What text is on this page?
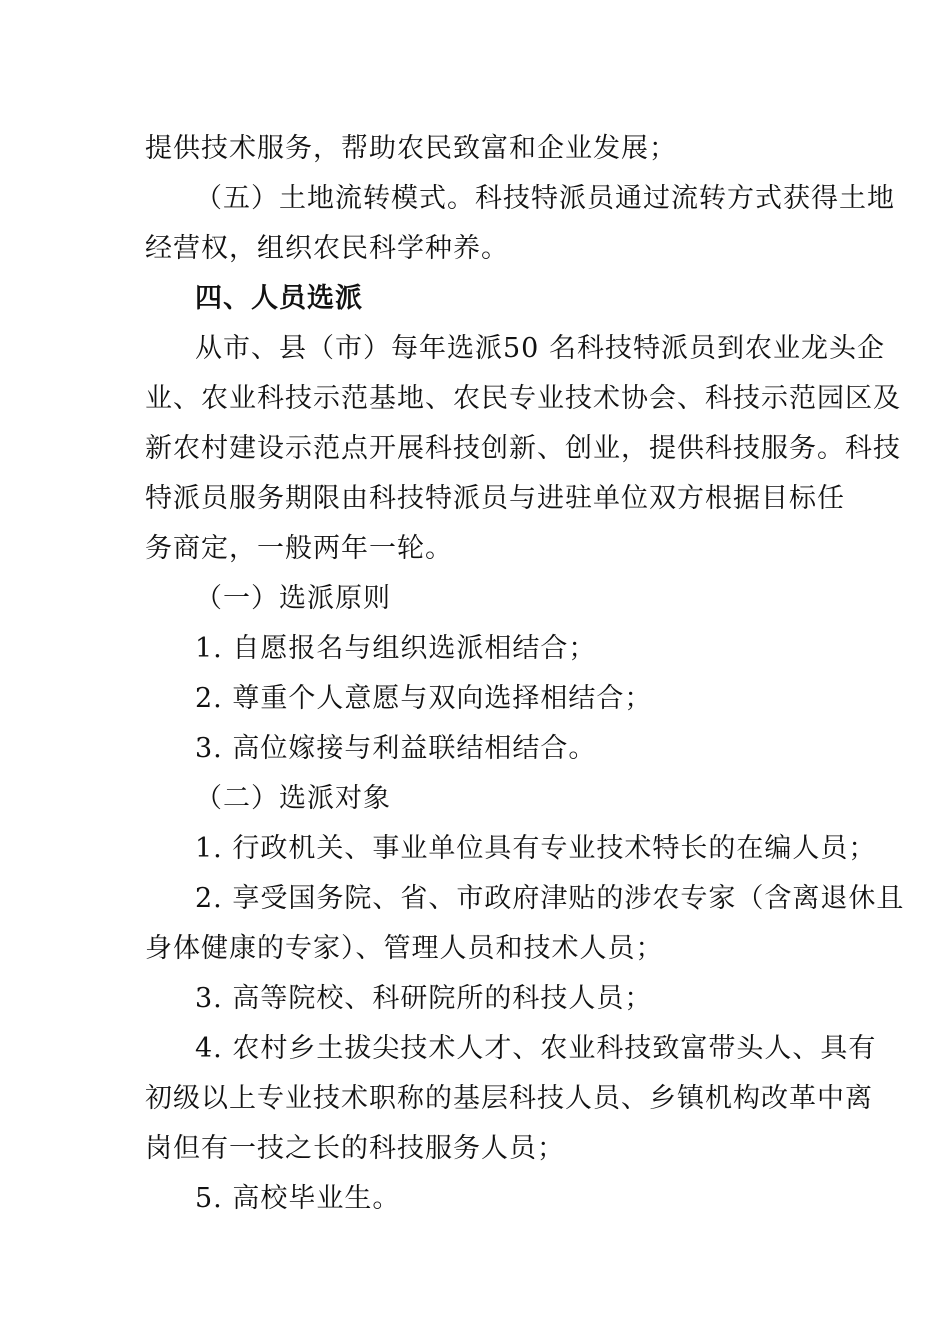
提供技术服务，帮助农民致富和企业发展；
（五）土地流转模式。科技特派员通过流转方式获得土地
经营权，组织农民科学种养。
四、人员选派
从市、县（市）每年选派50 名科技特派员到农业龙头企
业、农业科技示范基地、农民专业技术协会、科技示范园区及
新农村建设示范点开展科技创新、创业，提供科技服务。科技
特派员服务期限由科技特派员与进驻单位双方根据目标任
务商定，一般两年一轮。
（一）选派原则
1. 自愿报名与组织选派相结合；
2. 尊重个人意愿与双向选择相结合；
3. 高位嫁接与利益联结相结合。
（二）选派对象
1. 行政机关、事业单位具有专业技术特长的在编人员；
2. 享受国务院、省、市政府津贴的涉农专家（含离退休且
身体健康的专家）、管理人员和技术人员；
3. 高等院校、科研院所的科技人员；
4. 农村乡土拔尖技术人才、农业科技致富带头人、具有
初级以上专业技术职称的基层科技人员、乡镇机构改革中离
岗但有一技之长的科技服务人员；
5. 高校毕业生。
